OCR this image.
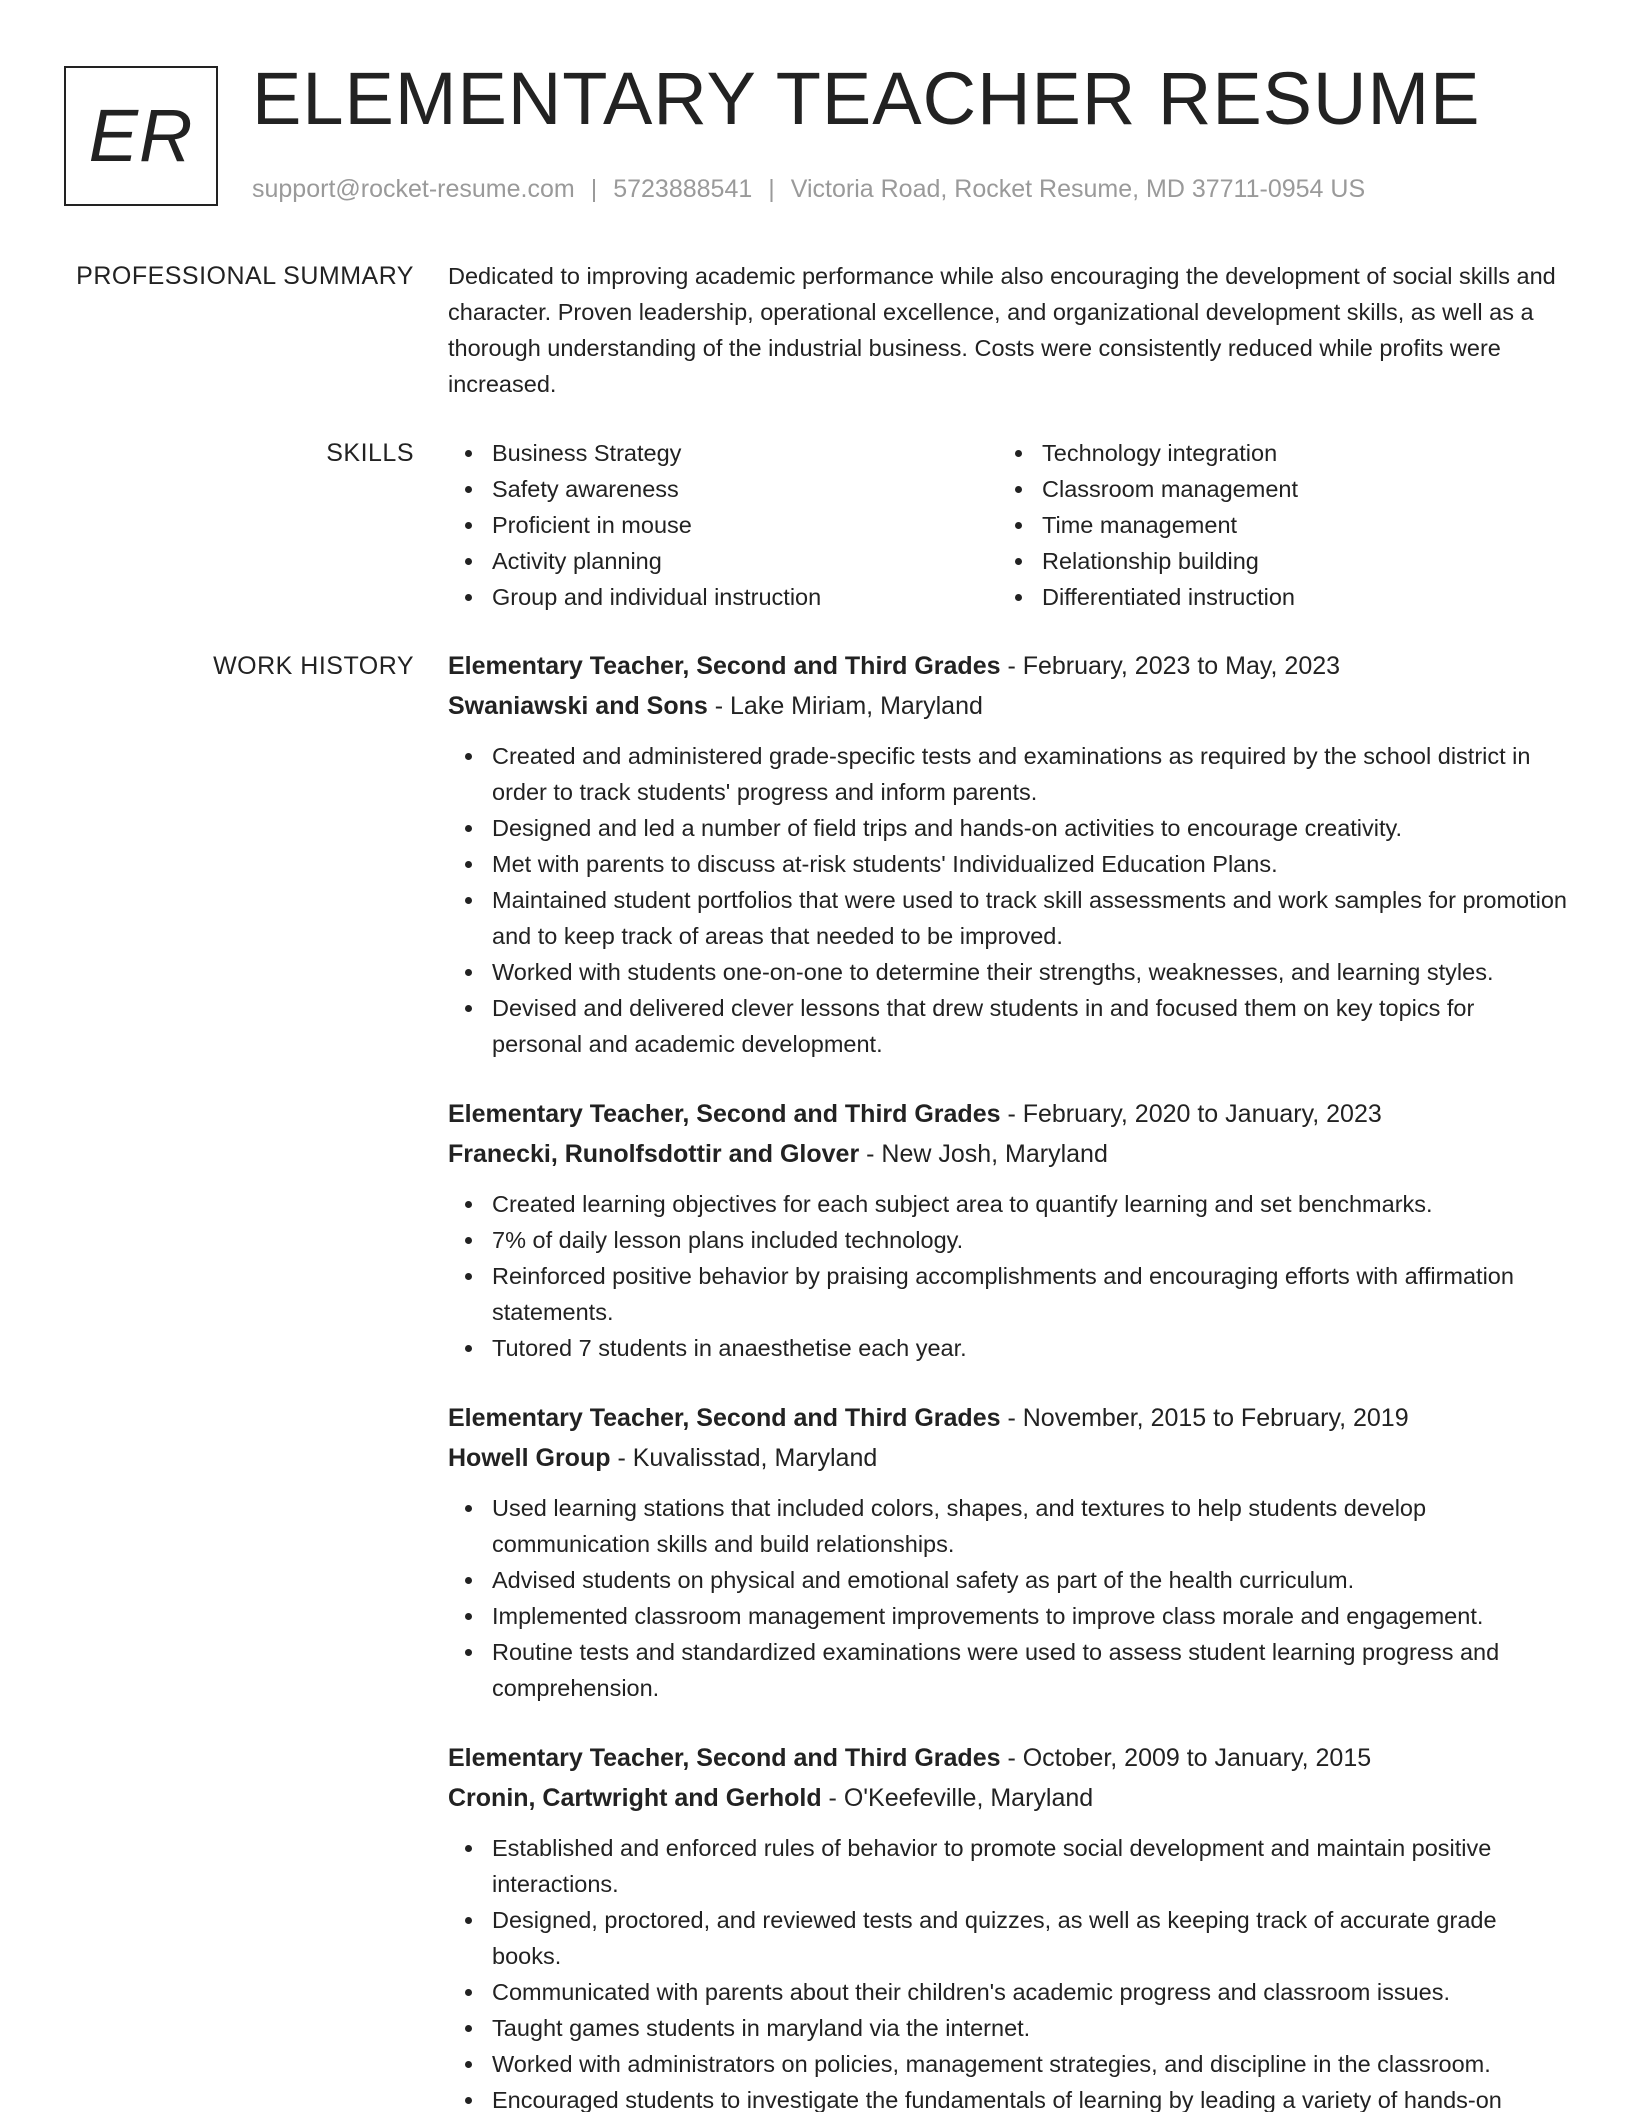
ER ELEMENTARY TEACHER RESUME
support@rocket-resume.com | 5723888541 | Victoria Road, Rocket Resume, MD 37711-0954 US
PROFESSIONAL SUMMARY Dedicated to improving academic performance while also encouraging the development of social skills and character. Proven leadership, operational excellence, and organizational development skills, as well as a thorough understanding of the industrial business. Costs were consistently reduced while profits were increased.

SKILLS	Business Strategy
Safety awareness
Proficient in mouse
Activity planning
Group and individual instruction
Technology integration
Classroom management
Time management
Relationship building
Differentiated instruction
WORK HISTORY Elementary Teacher, Second and Third Grades - February, 2023 to May, 2023
Swaniawski and Sons - Lake Miriam, Maryland
Created and administered grade-specific tests and examinations as required by the school district in order to track students' progress and inform parents.
Designed and led a number of field trips and hands-on activities to encourage creativity.
Met with parents to discuss at-risk students' Individualized Education Plans.
Maintained student portfolios that were used to track skill assessments and work samples for promotion and to keep track of areas that needed to be improved.
Worked with students one-on-one to determine their strengths, weaknesses, and learning styles.
Devised and delivered clever lessons that drew students in and focused them on key topics for personal and academic development.
Elementary Teacher, Second and Third Grades - February, 2020 to January, 2023
Franecki, Runolfsdottir and Glover - New Josh, Maryland
Created learning objectives for each subject area to quantify learning and set benchmarks.
7% of daily lesson plans included technology.
Reinforced positive behavior by praising accomplishments and encouraging efforts with affirmation statements.
Tutored 7 students in anaesthetise each year.
Elementary Teacher, Second and Third Grades - November, 2015 to February, 2019
Howell Group - Kuvalisstad, Maryland
Used learning stations that included colors, shapes, and textures to help students develop communication skills and build relationships.
Advised students on physical and emotional safety as part of the health curriculum.
Implemented classroom management improvements to improve class morale and engagement.
Routine tests and standardized examinations were used to assess student learning progress and comprehension.
Elementary Teacher, Second and Third Grades - October, 2009 to January, 2015
Cronin, Cartwright and Gerhold - O'Keefeville, Maryland
Established and enforced rules of behavior to promote social development and maintain positive interactions.
Designed, proctored, and reviewed tests and quizzes, as well as keeping track of accurate grade books.
Communicated with parents about their children's academic progress and classroom issues.
Taught games students in maryland via the internet.
Worked with administrators on policies, management strategies, and discipline in the classroom.
Encouraged students to investigate the fundamentals of learning by leading a variety of hands-on
